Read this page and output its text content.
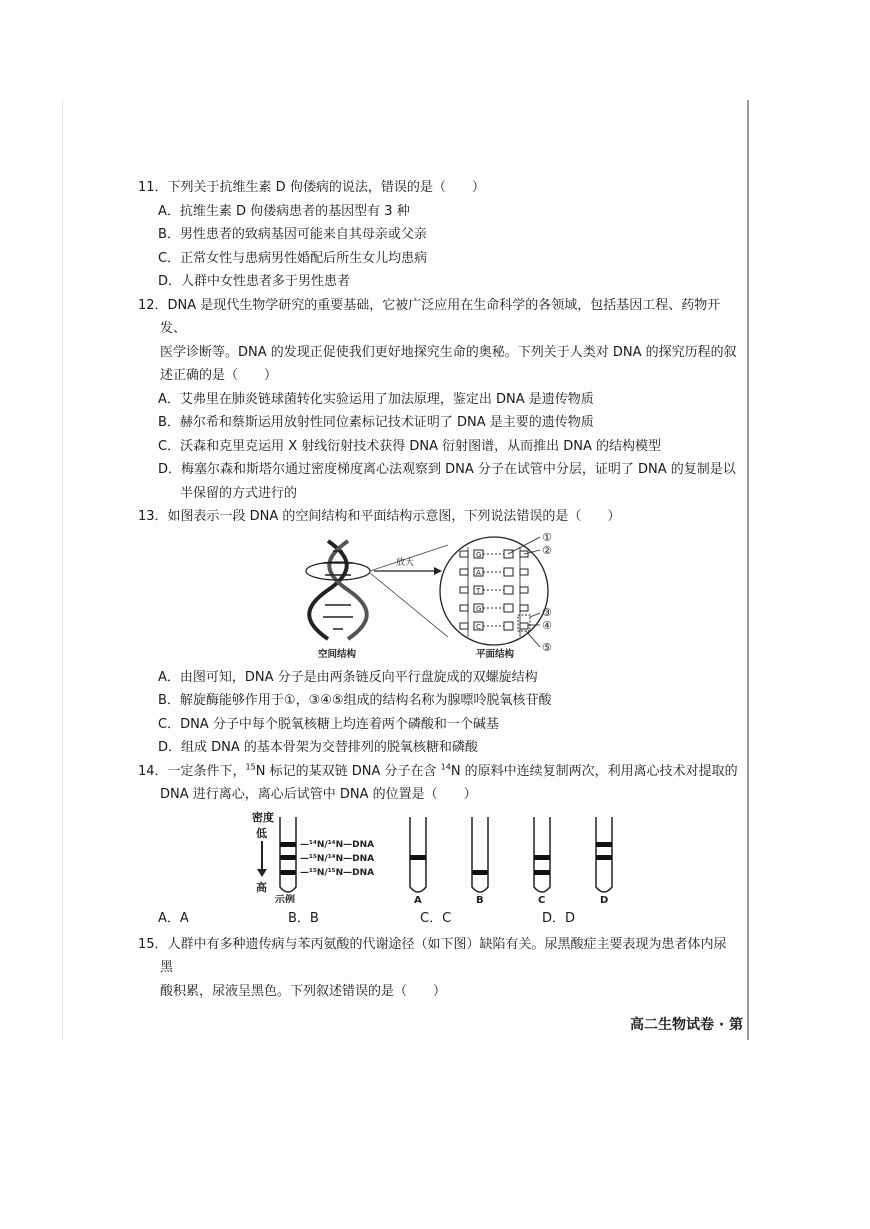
11．下列关于抗维生素 D 佝偻病的说法，错误的是（　　）

A．抗维生素 D 佝偻病患者的基因型有 3 种

B．男性患者的致病基因可能来自其母亲或父亲

C．正常女性与患病男性婚配后所生女儿均患病

D．人群中女性患者多于男性患者

12．DNA 是现代生物学研究的重要基础，它被广泛应用在生命科学的各领域，包括基因工程、药物开发、

医学诊断等。DNA 的发现正促使我们更好地探究生命的奥秘。下列关于人类对 DNA 的探究历程的叙

述正确的是（　　）

A．艾弗里在肺炎链球菌转化实验运用了加法原理，鉴定出 DNA 是遗传物质

B．赫尔希和蔡斯运用放射性同位素标记技术证明了 DNA 是主要的遗传物质

C．沃森和克里克运用 X 射线衍射技术获得 DNA 衍射图谱，从而推出 DNA 的结构模型

D．梅塞尔森和斯塔尔通过密度梯度离心法观察到 DNA 分子在试管中分层，证明了 DNA 的复制是以

半保留的方式进行的

13．如图表示一段 DNA 的空间结构和平面结构示意图，下列说法错误的是（　　）

放大
G
A
T
G
C
①
②
③
④
⑤
空间结构	平面结构

A．由图可知，DNA 分子是由两条链反向平行盘旋成的双螺旋结构

B．解旋酶能够作用于①，③④⑤组成的结构名称为腺嘌呤脱氧核苷酸

C．DNA 分子中每个脱氧核糖上均连着两个磷酸和一个碱基

D．组成 DNA 的基本骨架为交替排列的脱氧核糖和磷酸

14．一定条件下，$^{15}$N 标记的某双链 DNA 分子在含 $^{14}$N 的原料中连续复制两次，利用离心技术对提取的

DNA 进行离心，离心后试管中 DNA 的位置是（　　）

密度
低
高
—¹⁴N/¹⁴N—DNA
—¹⁵N/¹⁴N—DNA
—¹⁵N/¹⁵N—DNA
示例	A	B	C	D
A．A	B．B	C．C	D．D

15．人群中有多种遗传病与苯丙氨酸的代谢途径（如下图）缺陷有关。尿黑酸症主要表现为患者体内尿黑

酸积累，尿液呈黑色。下列叙述错误的是（　　）

高二生物试卷 · 第
